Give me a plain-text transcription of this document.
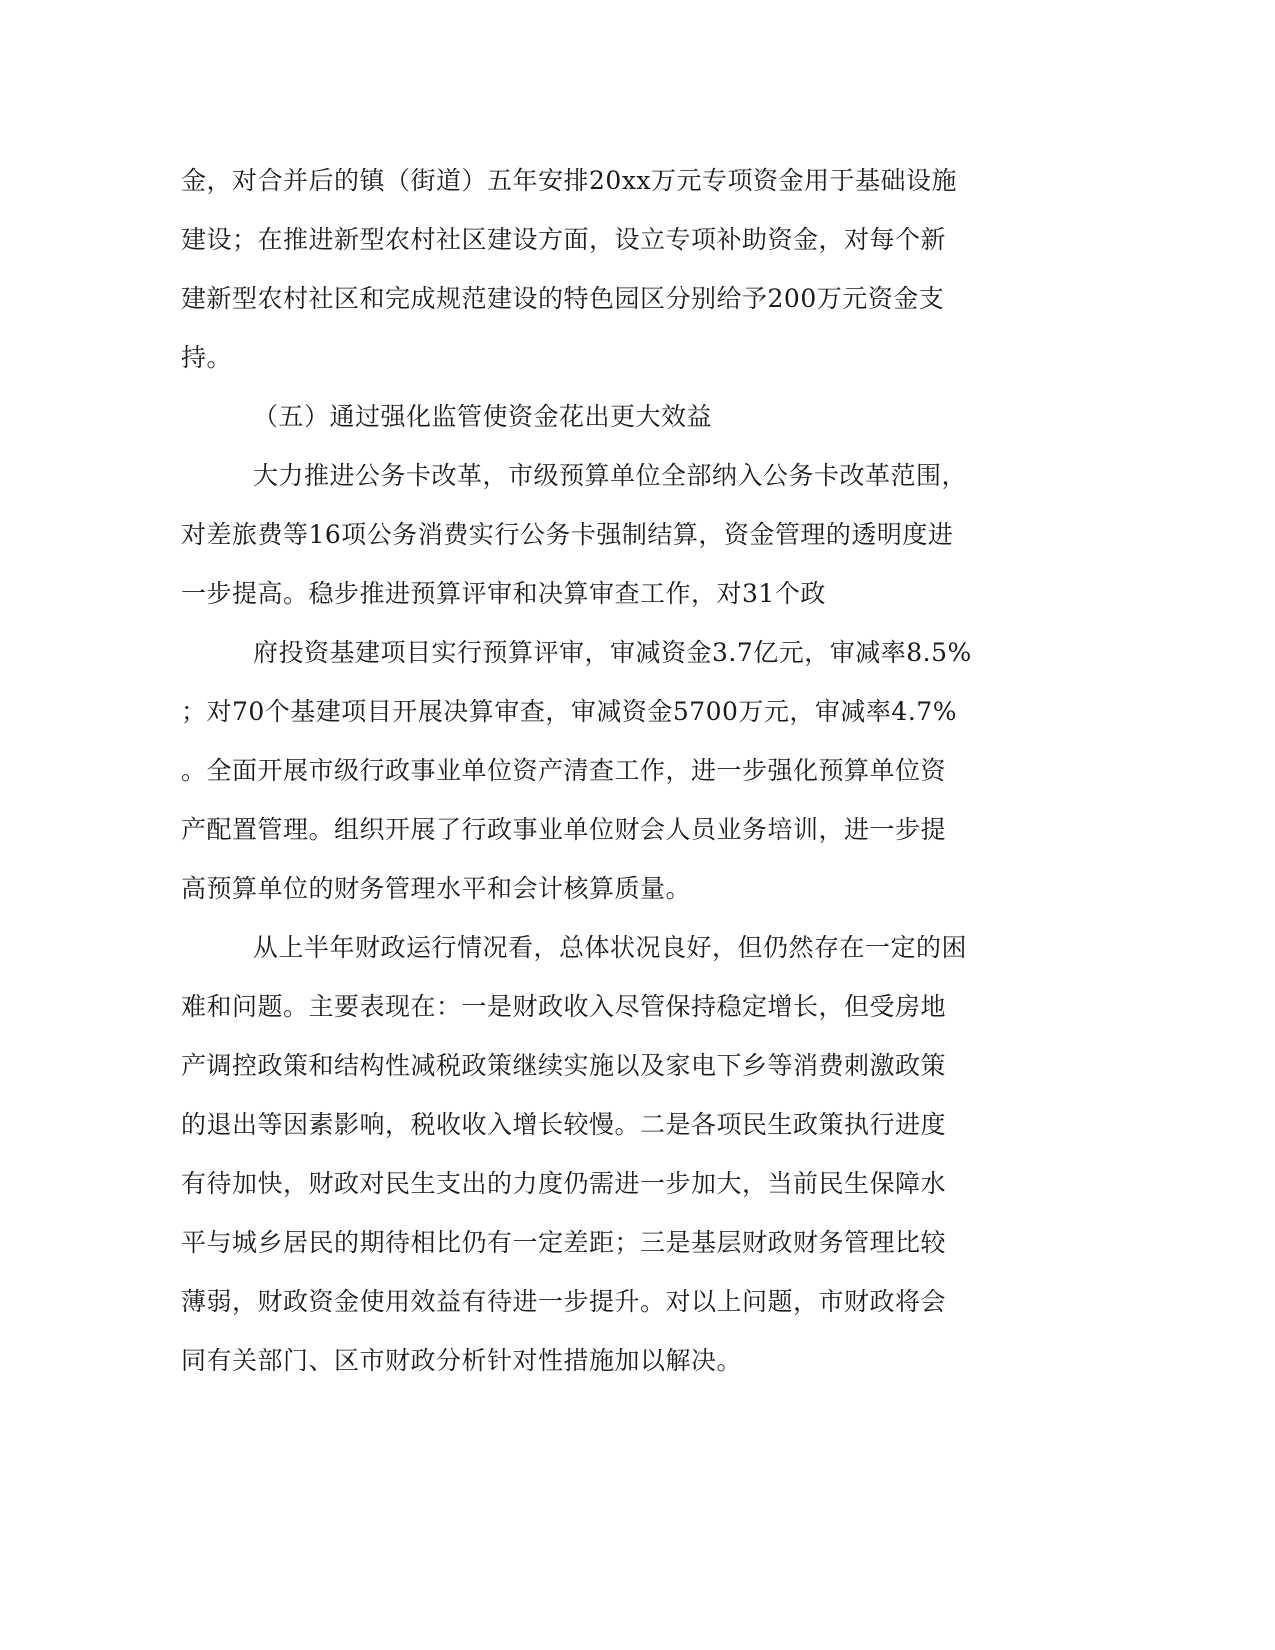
金，对合并后的镇（街道）五年安排20xx万元专项资金用于基础设施
建设；在推进新型农村社区建设方面，设立专项补助资金，对每个新
建新型农村社区和完成规范建设的特色园区分别给予200万元资金支
持。
（五）通过强化监管使资金花出更大效益
大力推进公务卡改革，市级预算单位全部纳入公务卡改革范围，
对差旅费等16项公务消费实行公务卡强制结算，资金管理的透明度进
一步提高。稳步推进预算评审和决算审查工作，对31个政
府投资基建项目实行预算评审，审减资金3.7亿元，审减率8.5%
；对70个基建项目开展决算审查，审减资金5700万元，审减率4.7%
。全面开展市级行政事业单位资产清查工作，进一步强化预算单位资
产配置管理。组织开展了行政事业单位财会人员业务培训，进一步提
高预算单位的财务管理水平和会计核算质量。
从上半年财政运行情况看，总体状况良好，但仍然存在一定的困
难和问题。主要表现在：一是财政收入尽管保持稳定增长，但受房地
产调控政策和结构性减税政策继续实施以及家电下乡等消费刺激政策
的退出等因素影响，税收收入增长较慢。二是各项民生政策执行进度
有待加快，财政对民生支出的力度仍需进一步加大，当前民生保障水
平与城乡居民的期待相比仍有一定差距；三是基层财政财务管理比较
薄弱，财政资金使用效益有待进一步提升。对以上问题，市财政将会
同有关部门、区市财政分析针对性措施加以解决。
